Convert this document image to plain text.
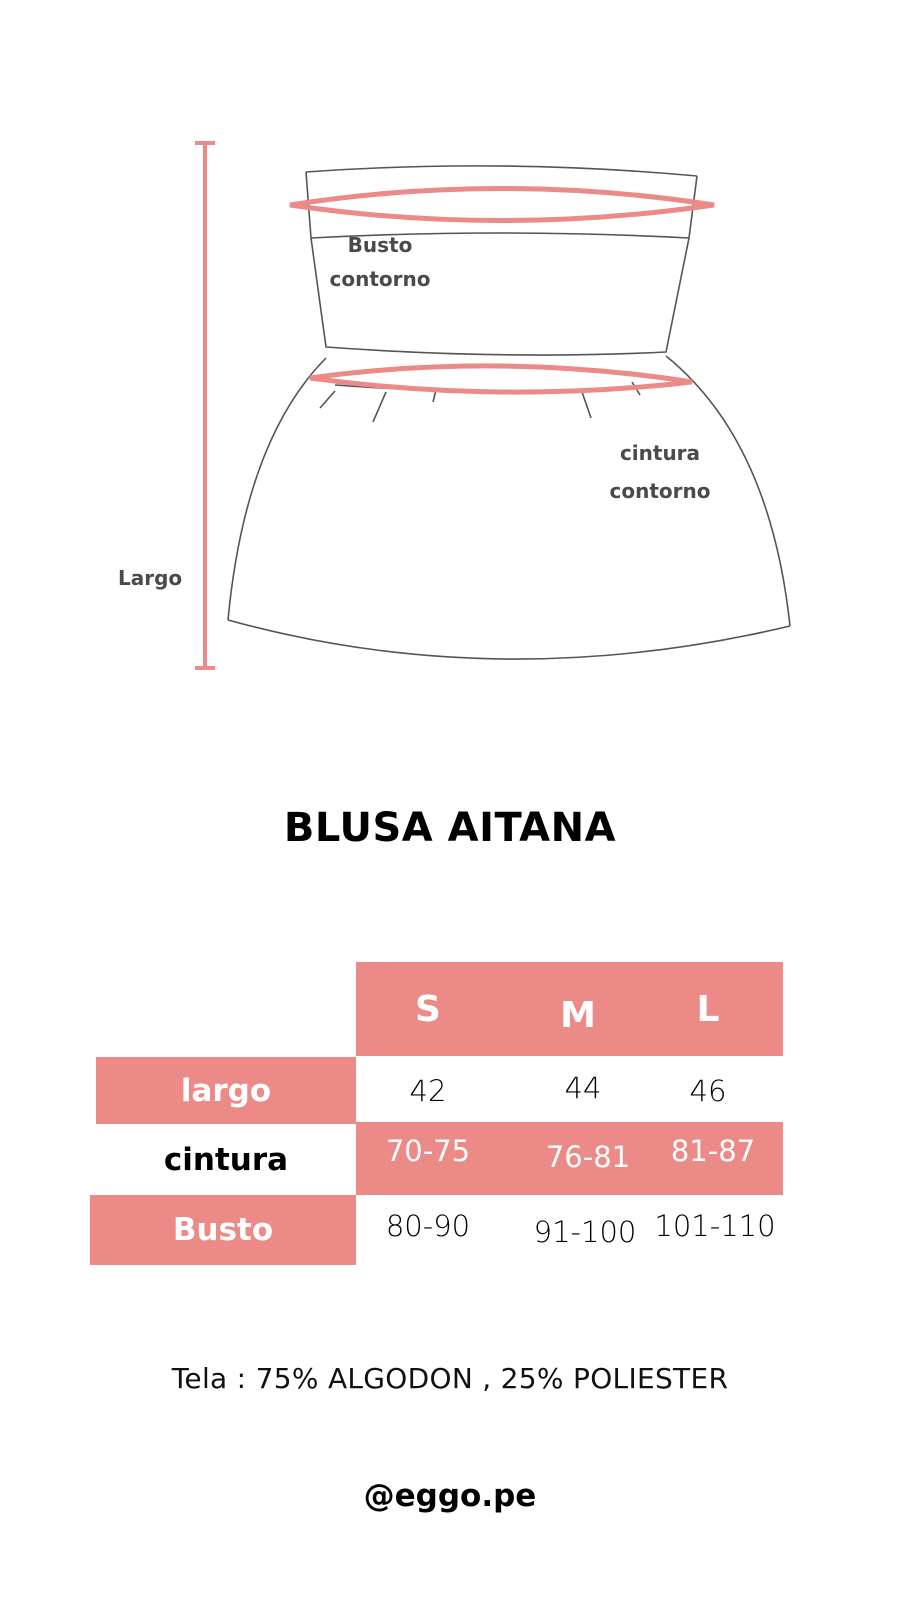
Busto
contorno
cintura
contorno
Largo
BLUSA AITANA
S	M	L
largo	42	44	46
cintura	70-75	76-81	81-87
Busto	80-90	91-100 101-110
Tela : 75% ALGODON , 25% POLIESTER
@eggo.pe
